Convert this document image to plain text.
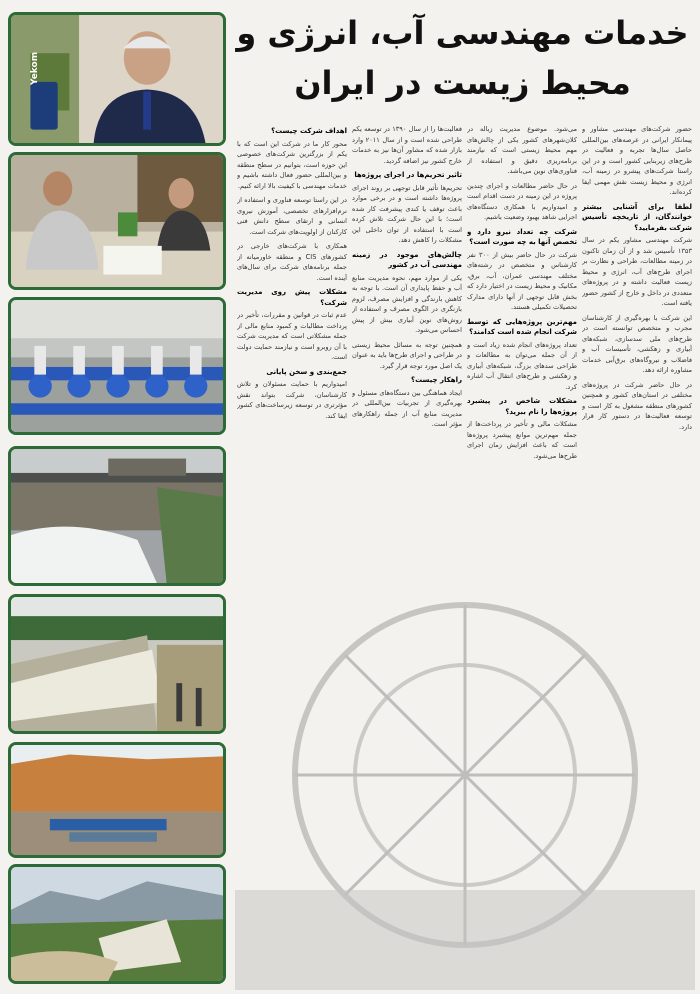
Yekom
خدمات مهندسی آب، انرژی و
محیط زیست در ایران

حضور شرکت‌های مهندسی مشاور و پیمانکار ایرانی در عرصه‌های بین‌المللی حاصل سال‌ها تجربه و فعالیت در طرح‌های زیربنایی کشور است و در این راستا شرکت‌های پیشرو در زمینه آب، انرژی و محیط زیست نقش مهمی ایفا کرده‌اند.

لطفا برای آشنایی بیشتر خوانندگان، از تاریخچه تأسیس شرکت بفرمایید؟

شرکت مهندسی مشاور یکم در سال ۱۳۵۳ تأسیس شد و از آن زمان تاکنون در زمینه مطالعات، طراحی و نظارت بر اجرای طرح‌های آب، انرژی و محیط زیست فعالیت داشته و در پروژه‌های متعددی در داخل و خارج از کشور حضور یافته است.

این شرکت با بهره‌گیری از کارشناسان مجرب و متخصص توانسته است در طرح‌های ملی سدسازی، شبکه‌های آبیاری و زهکشی، تأسیسات آب و فاضلاب و نیروگاه‌های برق‌آبی خدمات مشاوره ارائه دهد.

در حال حاضر شرکت در پروژه‌های مختلفی در استان‌های کشور و همچنین کشورهای منطقه مشغول به کار است و توسعه فعالیت‌ها در دستور کار قرار دارد.

می‌شود. موضوع مدیریت زباله در کلان‌شهرهای کشور یکی از چالش‌های مهم محیط زیستی است که نیازمند برنامه‌ریزی دقیق و استفاده از فناوری‌های نوین می‌باشد.

در حال حاضر مطالعات و اجرای چندین پروژه در این زمینه در دست اقدام است و امیدواریم با همکاری دستگاه‌های اجرایی شاهد بهبود وضعیت باشیم.

شرکت چه تعداد نیرو دارد و تخصص آنها به چه صورت است؟

شرکت در حال حاضر بیش از ۳۰۰ نفر کارشناس و متخصص در رشته‌های مختلف مهندسی عمران، آب، برق، مکانیک و محیط زیست در اختیار دارد که بخش قابل توجهی از آنها دارای مدارک تحصیلات تکمیلی هستند.

مهم‌ترین پروژه‌هایی که توسط شرکت انجام شده است کدامند؟

تعداد پروژه‌های انجام شده زیاد است و از آن جمله می‌توان به مطالعات و طراحی سدهای بزرگ، شبکه‌های آبیاری و زهکشی و طرح‌های انتقال آب اشاره کرد.

مشکلات شاخص در پیشبرد پروژه‌ها را نام ببرید؟

مشکلات مالی و تأخیر در پرداخت‌ها از جمله مهم‌ترین موانع پیشبرد پروژه‌ها است که باعث افزایش زمان اجرای طرح‌ها می‌شود.

فعالیت‌ها را از سال ۱۳۹۰ در توسعه یکم طراحی شده است و از سال ۲۰۱۱ وارد بازار شده که مشاور آن‌ها نیز به خدمات خارج کشور نیز اضافه گردید.

تاثیر تحریم‌ها در اجرای پروژه‌ها

تحریم‌ها تأثیر قابل توجهی بر روند اجرای پروژه‌ها داشته است و در برخی موارد باعث توقف یا کندی پیشرفت کار شده است؛ با این حال شرکت تلاش کرده است با استفاده از توان داخلی این مشکلات را کاهش دهد.

چالش‌های موجود در زمینه مهندسی آب در کشور

یکی از موارد مهم، نحوه مدیریت منابع آب و حفظ پایداری آن است. با توجه به کاهش بارندگی و افزایش مصرف، لزوم بازنگری در الگوی مصرف و استفاده از روش‌های نوین آبیاری بیش از پیش احساس می‌شود.

همچنین توجه به مسائل محیط زیستی در طراحی و اجرای طرح‌ها باید به عنوان یک اصل مورد توجه قرار گیرد.

راهکار چیست؟

ایجاد هماهنگی بین دستگاه‌های مسئول و بهره‌گیری از تجربیات بین‌المللی در مدیریت منابع آب از جمله راهکارهای مؤثر است.

اهداف شرکت چیست؟

محور کار ما در شرکت این است که با یکم از بزرگترین شرکت‌های خصوصی این حوزه است، بتوانیم در سطح منطقه و بین‌المللی حضور فعال داشته باشیم و خدمات مهندسی با کیفیت بالا ارائه کنیم.

در این راستا توسعه فناوری و استفاده از نرم‌افزارهای تخصصی، آموزش نیروی انسانی و ارتقای سطح دانش فنی کارکنان از اولویت‌های شرکت است.

همکاری با شرکت‌های خارجی در کشورهای CIS و منطقه خاورمیانه از جمله برنامه‌های شرکت برای سال‌های آینده است.

مشکلات پیش روی مدیریت شرکت؟

عدم ثبات در قوانین و مقررات، تأخیر در پرداخت مطالبات و کمبود منابع مالی از جمله مشکلاتی است که مدیریت شرکت با آن روبرو است و نیازمند حمایت دولت است.

جمع‌بندی و سخن پایانی

امیدواریم با حمایت مسئولان و تلاش کارشناسان، شرکت بتواند نقش مؤثرتری در توسعه زیرساخت‌های کشور ایفا کند.
